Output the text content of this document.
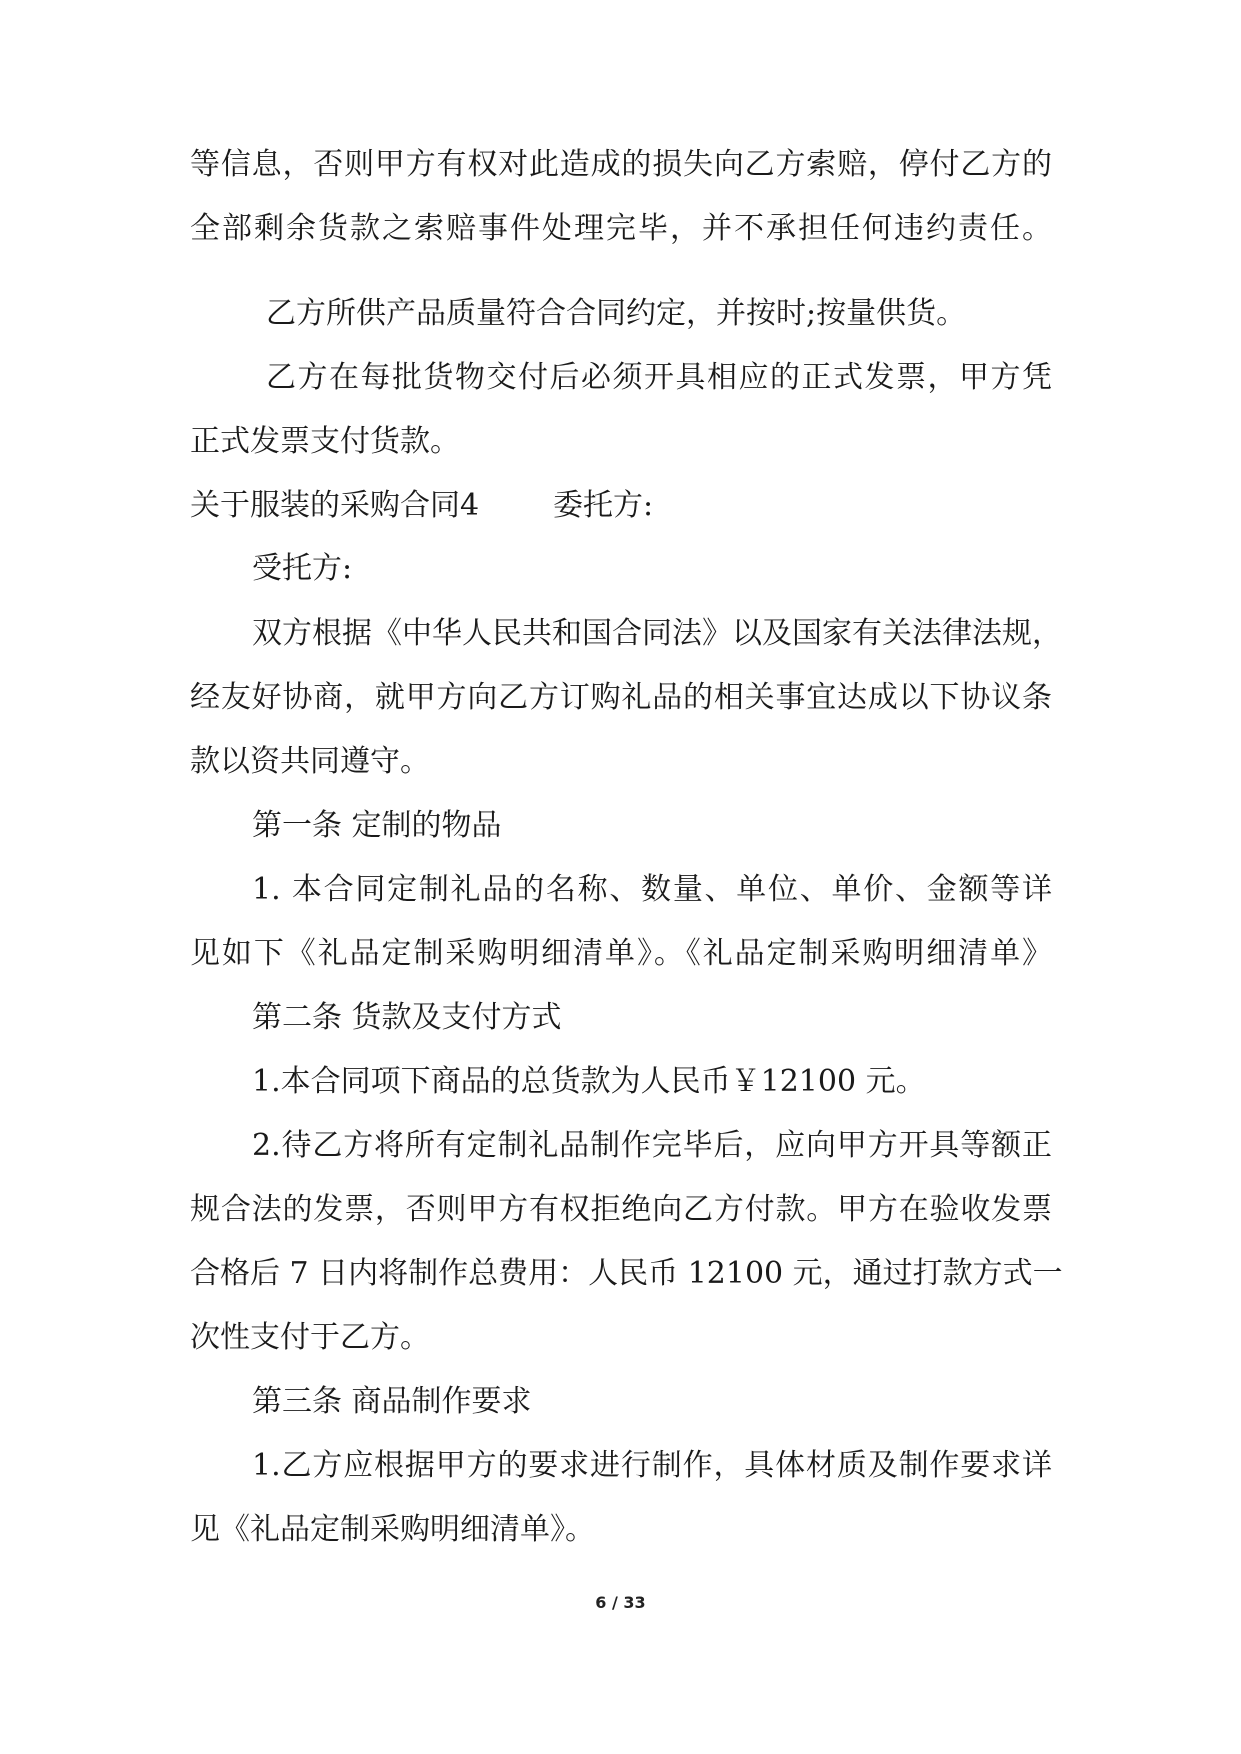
等信息，否则甲方有权对此造成的损失向乙方索赔，停付乙方的

全部剩余货款之索赔事件处理完毕，并不承担任何违约责任。

乙方所供产品质量符合合同约定，并按时;按量供货。

乙方在每批货物交付后必须开具相应的正式发票，甲方凭

正式发票支付货款。

关于服装的采购合同4 委托方:

受托方:

双方根据《中华人民共和国合同法》以及国家有关法律法规，

经友好协商，就甲方向乙方订购礼品的相关事宜达成以下协议条

款以资共同遵守。

第一条 定制的物品

1. 本合同定制礼品的名称、数量、单位、单价、金额等详

见如下《礼品定制采购明细清单》。《礼品定制采购明细清单》

第二条 货款及支付方式

1.本合同项下商品的总货款为人民币￥12100 元。

2.待乙方将所有定制礼品制作完毕后，应向甲方开具等额正

规合法的发票，否则甲方有权拒绝向乙方付款。甲方在验收发票

合格后 7 日内将制作总费用：人民币 12100 元，通过打款方式一

次性支付于乙方。

第三条 商品制作要求

1.乙方应根据甲方的要求进行制作，具体材质及制作要求详

见《礼品定制采购明细清单》。

6 / 33
